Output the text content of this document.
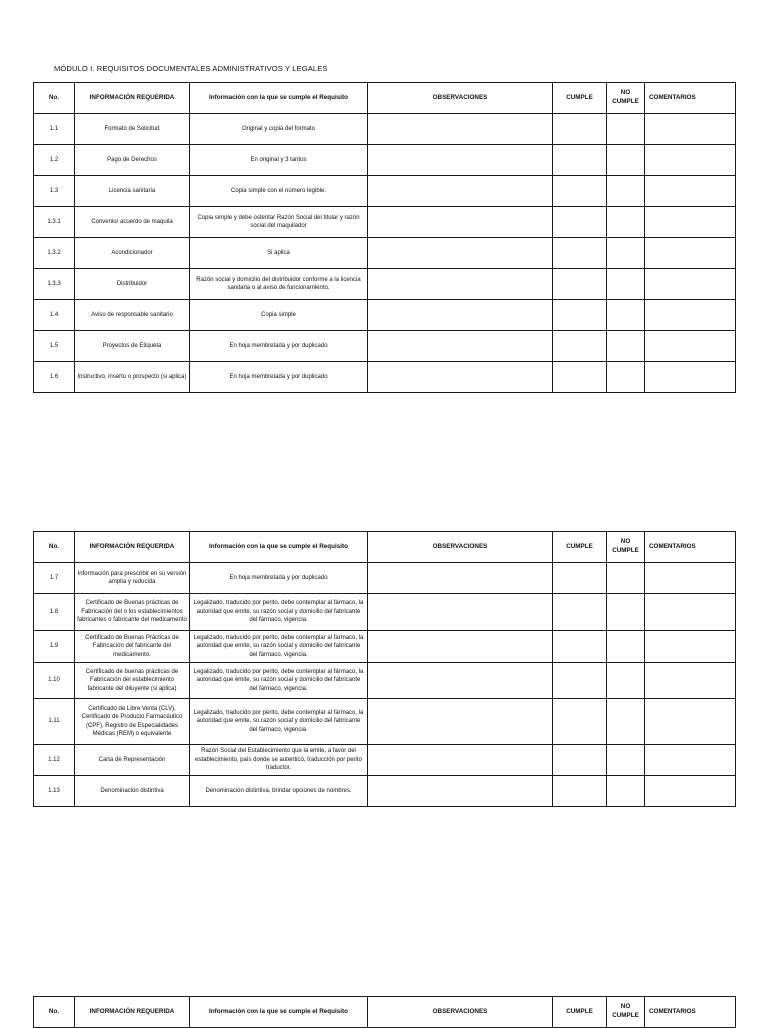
MÓDULO I. REQUISITOS DOCUMENTALES ADMINISTRATIVOS Y LEGALES
No.	INFORMACIÓN REQUERIDA	Información con la que se cumple el Requisito	OBSERVACIONES	CUMPLE	NO CUMPLE	COMENTARIOS
1.1	Formato de Solicitud	Original y copia del formato				
1.2	Pago de Derechos	En original y 3 tantos				
1.3	Licencia sanitaria	Copia simple con el número legible.				
1.3.1	Convenio/ acuerdo de maquila	Copia simple y debe ostentar Razón Social del titular y razón social del maquilador				
1.3.2	Acondicionador	Si aplica				
1.3.3	Distribuidor	Razón social y domicilio del distribuidor conforme a la licencia sanitaria o al aviso de funcionamiento.				
1.4	Aviso de responsable sanitario	Copia simple				
1.5	Proyectos de Etiqueta	En hoja membretada y por duplicado				
1.6	Instructivo, inserto o prospecto (si aplica)	En hoja membretada y por duplicado				
No.	INFORMACIÓN REQUERIDA	Información con la que se cumple el Requisito	OBSERVACIONES	CUMPLE	NO CUMPLE	COMENTARIOS
1.7	Información para prescribir en su versión amplia y reducida	En hoja membretada y por duplicado				
1.8	Certificado de Buenas prácticas de Fabricación del o los establecimientos fabricantes o fabricante del medicamento	Legalizado, traducido por perito, debe contemplar al fármaco, la autoridad que emite, su razón social y domicilio del fabricante del fármaco, vigencia.				
1.9	Certificado de Buenas Prácticas de Fabricación del fabricante del medicamento.	Legalizado, traducido por perito, debe contemplar al fármaco, la autoridad que emite, su razón social y domicilio del fabricante del fármaco, vigencia.				
1.10	Certificado de buenas prácticas de Fabricación del establecimiento fabricante del diluyente (si aplica)	Legalizado, traducido por perito, debe contemplar al fármaco, la autoridad que emite, su razón social y domicilio del fabricante del fármaco, vigencia.				
1.11	Certificado de Libre Venta (CLV), Certificado de Producto Farmacéutico (CPF), Registro de Especialidades Médicas (REM) o equivalente	Legalizado, traducido por perito, debe contemplar al fármaco, la autoridad que emite, su razón social y domicilio del fabricante del fármaco, vigencia.				
1.12	Carta de Representación	Razón Social del Establecimiento que la emite, a favor del establecimiento, país donde se autenticó, traducción por perito traductor.				
1.13	Denominación distintiva	Denominación distintiva, brindar opciones de nombres.				
No.	INFORMACIÓN REQUERIDA	Información con la que se cumple el Requisito	OBSERVACIONES	CUMPLE	NO CUMPLE	COMENTARIOS
